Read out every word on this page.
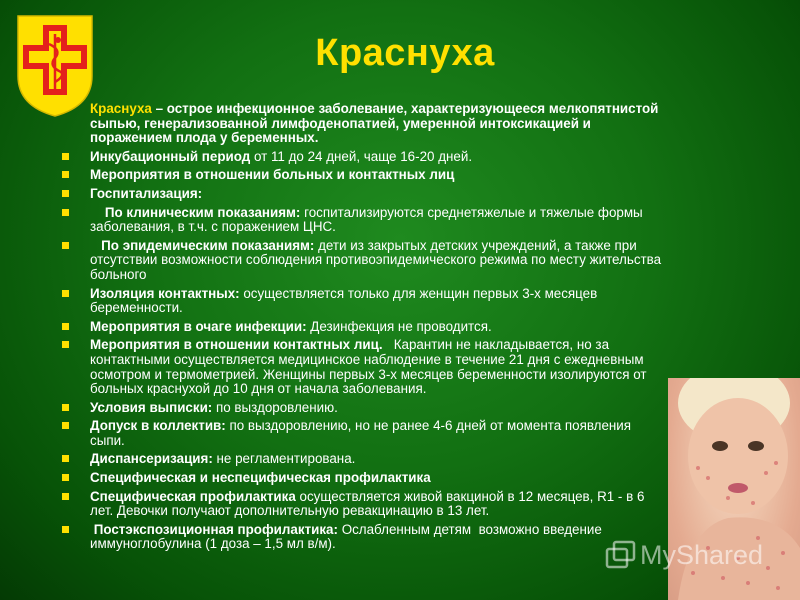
Краснуха
Краснуха – острое инфекционное заболевание, характеризующееся мелкопятнистой сыпью, генерализованной лимфоденопатией, умеренной интоксикацией и поражением плода у беременных.
Инкубационный период от 11 до 24 дней, чаще 16-20 дней.
Мероприятия в отношении больных и контактных лиц
Госпитализация:
По клиническим показаниям: госпитализируются среднетяжелые и тяжелые формы заболевания, в т.ч. с поражением ЦНС.
По эпидемическим показаниям: дети из закрытых детских учреждений, а также при отсутствии возможности соблюдения противоэпидемического режима по месту жительства больного
Изоляция контактных: осуществляется только для женщин первых 3-х месяцев беременности.
Мероприятия в очаге инфекции: Дезинфекция не проводится.
Мероприятия в отношении контактных лиц.   Карантин не накладывается, но за контактными осуществляется медицинское наблюдение в течение 21 дня с ежедневным осмотром и термометрией. Женщины первых 3-х месяцев беременности изолируются от больных краснухой до 10 дня от начала заболевания.
Условия выписки: по выздоровлению.
Допуск в коллектив: по выздоровлению, но не ранее 4-6 дней от момента появления сыпи.
Диспансеризация: не регламентирована.
Специфическая и неспецифическая профилактика
Специфическая профилактика осуществляется живой вакциной в 12 месяцев, R1 - в 6 лет. Девочки получают дополнительную ревакцинацию в 13 лет.
Постэкспозиционная профилактика: Ослабленным детям  возможно введение иммуноглобулина (1 доза – 1,5 мл в/м).	MyShared
